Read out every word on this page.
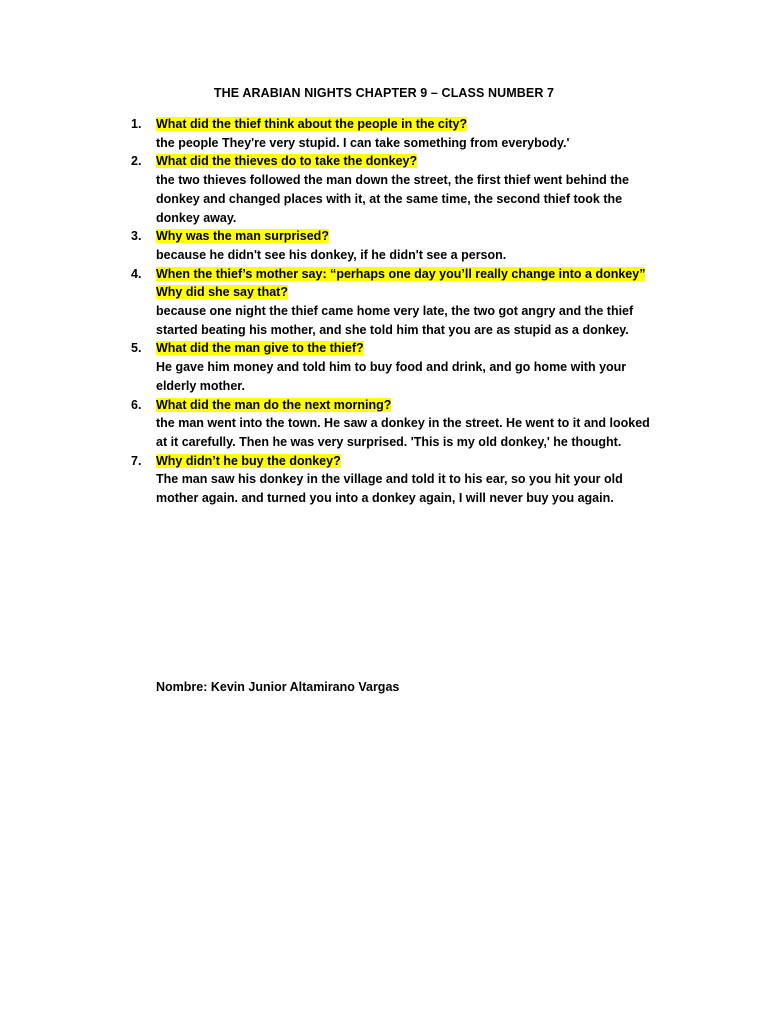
THE ARABIAN NIGHTS CHAPTER 9 – CLASS NUMBER 7
1. What did the thief think about the people in the city?
the people They're very stupid. I can take something from everybody.'
2. What did the thieves do to take the donkey?
the two thieves followed the man down the street, the first thief went behind the
donkey and changed places with it, at the same time, the second thief took the
donkey away.
3. Why was the man surprised?
because he didn't see his donkey, if he didn't see a person.
4. When the thief’s mother say: “perhaps one day you’ll really change into a donkey”
Why did she say that?
because one night the thief came home very late, the two got angry and the thief
started beating his mother, and she told him that you are as stupid as a donkey.
5. What did the man give to the thief?
He gave him money and told him to buy food and drink, and go home with your
elderly mother.
6. What did the man do the next morning?
the man went into the town. He saw a donkey in the street. He went to it and looked
at it carefully. Then he was very surprised. 'This is my old donkey,' he thought.
7. Why didn’t he buy the donkey?
The man saw his donkey in the village and told it to his ear, so you hit your old
mother again. and turned you into a donkey again, I will never buy you again.
Nombre: Kevin Junior Altamirano Vargas
